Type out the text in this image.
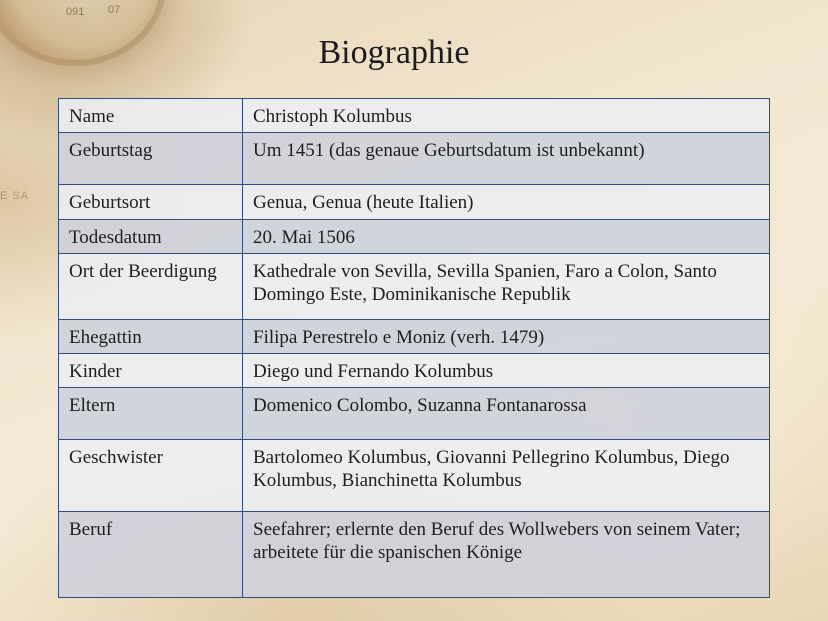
091 07
E SA
Biographie
Name	Christoph Kolumbus
Geburtstag	Um 1451 (das genaue Geburtsdatum ist unbekannt)
Geburtsort	Genua, Genua (heute Italien)
Todesdatum	20. Mai 1506
Ort der Beerdigung	Kathedrale von Sevilla, Sevilla Spanien, Faro a Colon, Santo Domingo Este, Dominikanische Republik
Ehegattin	Filipa Perestrelo e Moniz (verh. 1479)
Kinder	Diego und Fernando Kolumbus
Eltern	Domenico Colombo, Suzanna Fontanarossa
Geschwister	Bartolomeo Kolumbus, Giovanni Pellegrino Kolumbus, Diego Kolumbus, Bianchinetta Kolumbus
Beruf	Seefahrer; erlernte den Beruf des Wollwebers von seinem Vater; arbeitete für die spanischen Könige
